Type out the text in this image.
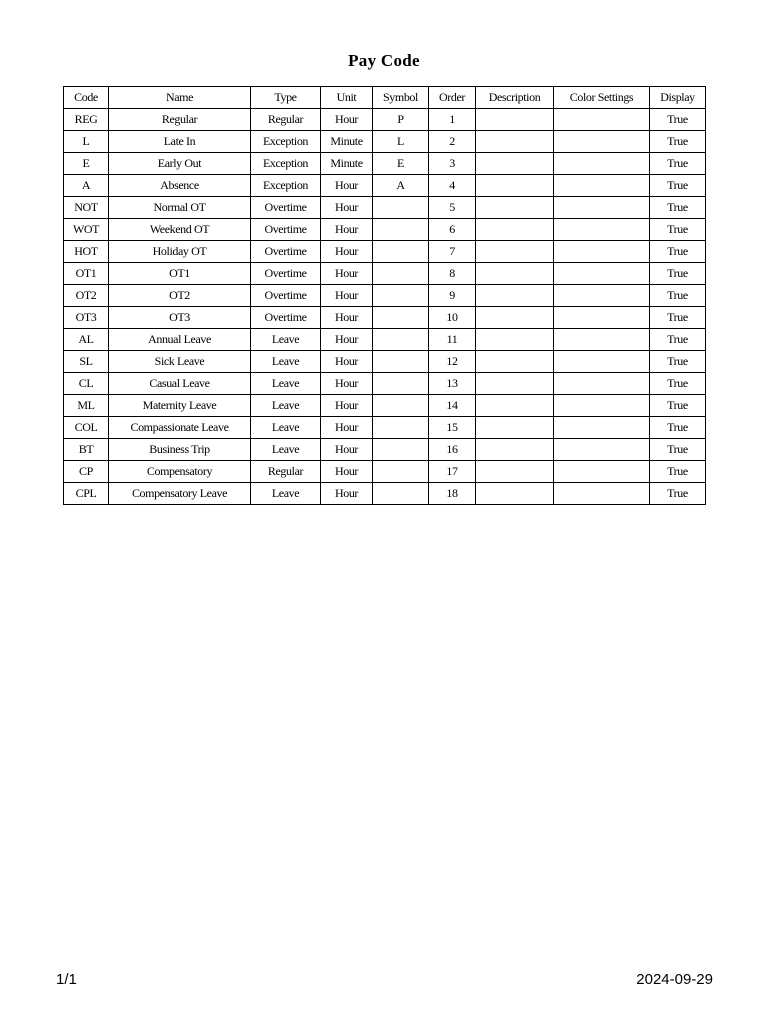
Pay Code
Code	Name	Type	Unit	Symbol	Order	Description	Color Settings	Display
REG	Regular	Regular	Hour	P	1			True
L	Late In	Exception	Minute	L	2			True
E	Early Out	Exception	Minute	E	3			True
A	Absence	Exception	Hour	A	4			True
NOT	Normal OT	Overtime	Hour		5			True
WOT	Weekend OT	Overtime	Hour		6			True
HOT	Holiday OT	Overtime	Hour		7			True
OT1	OT1	Overtime	Hour		8			True
OT2	OT2	Overtime	Hour		9			True
OT3	OT3	Overtime	Hour		10			True
AL	Annual Leave	Leave	Hour		11			True
SL	Sick Leave	Leave	Hour		12			True
CL	Casual Leave	Leave	Hour		13			True
ML	Maternity Leave	Leave	Hour		14			True
COL	Compassionate Leave	Leave	Hour		15			True
BT	Business Trip	Leave	Hour		16			True
CP	Compensatory	Regular	Hour		17			True
CPL	Compensatory Leave	Leave	Hour		18			True
1/1	2024-09-29
